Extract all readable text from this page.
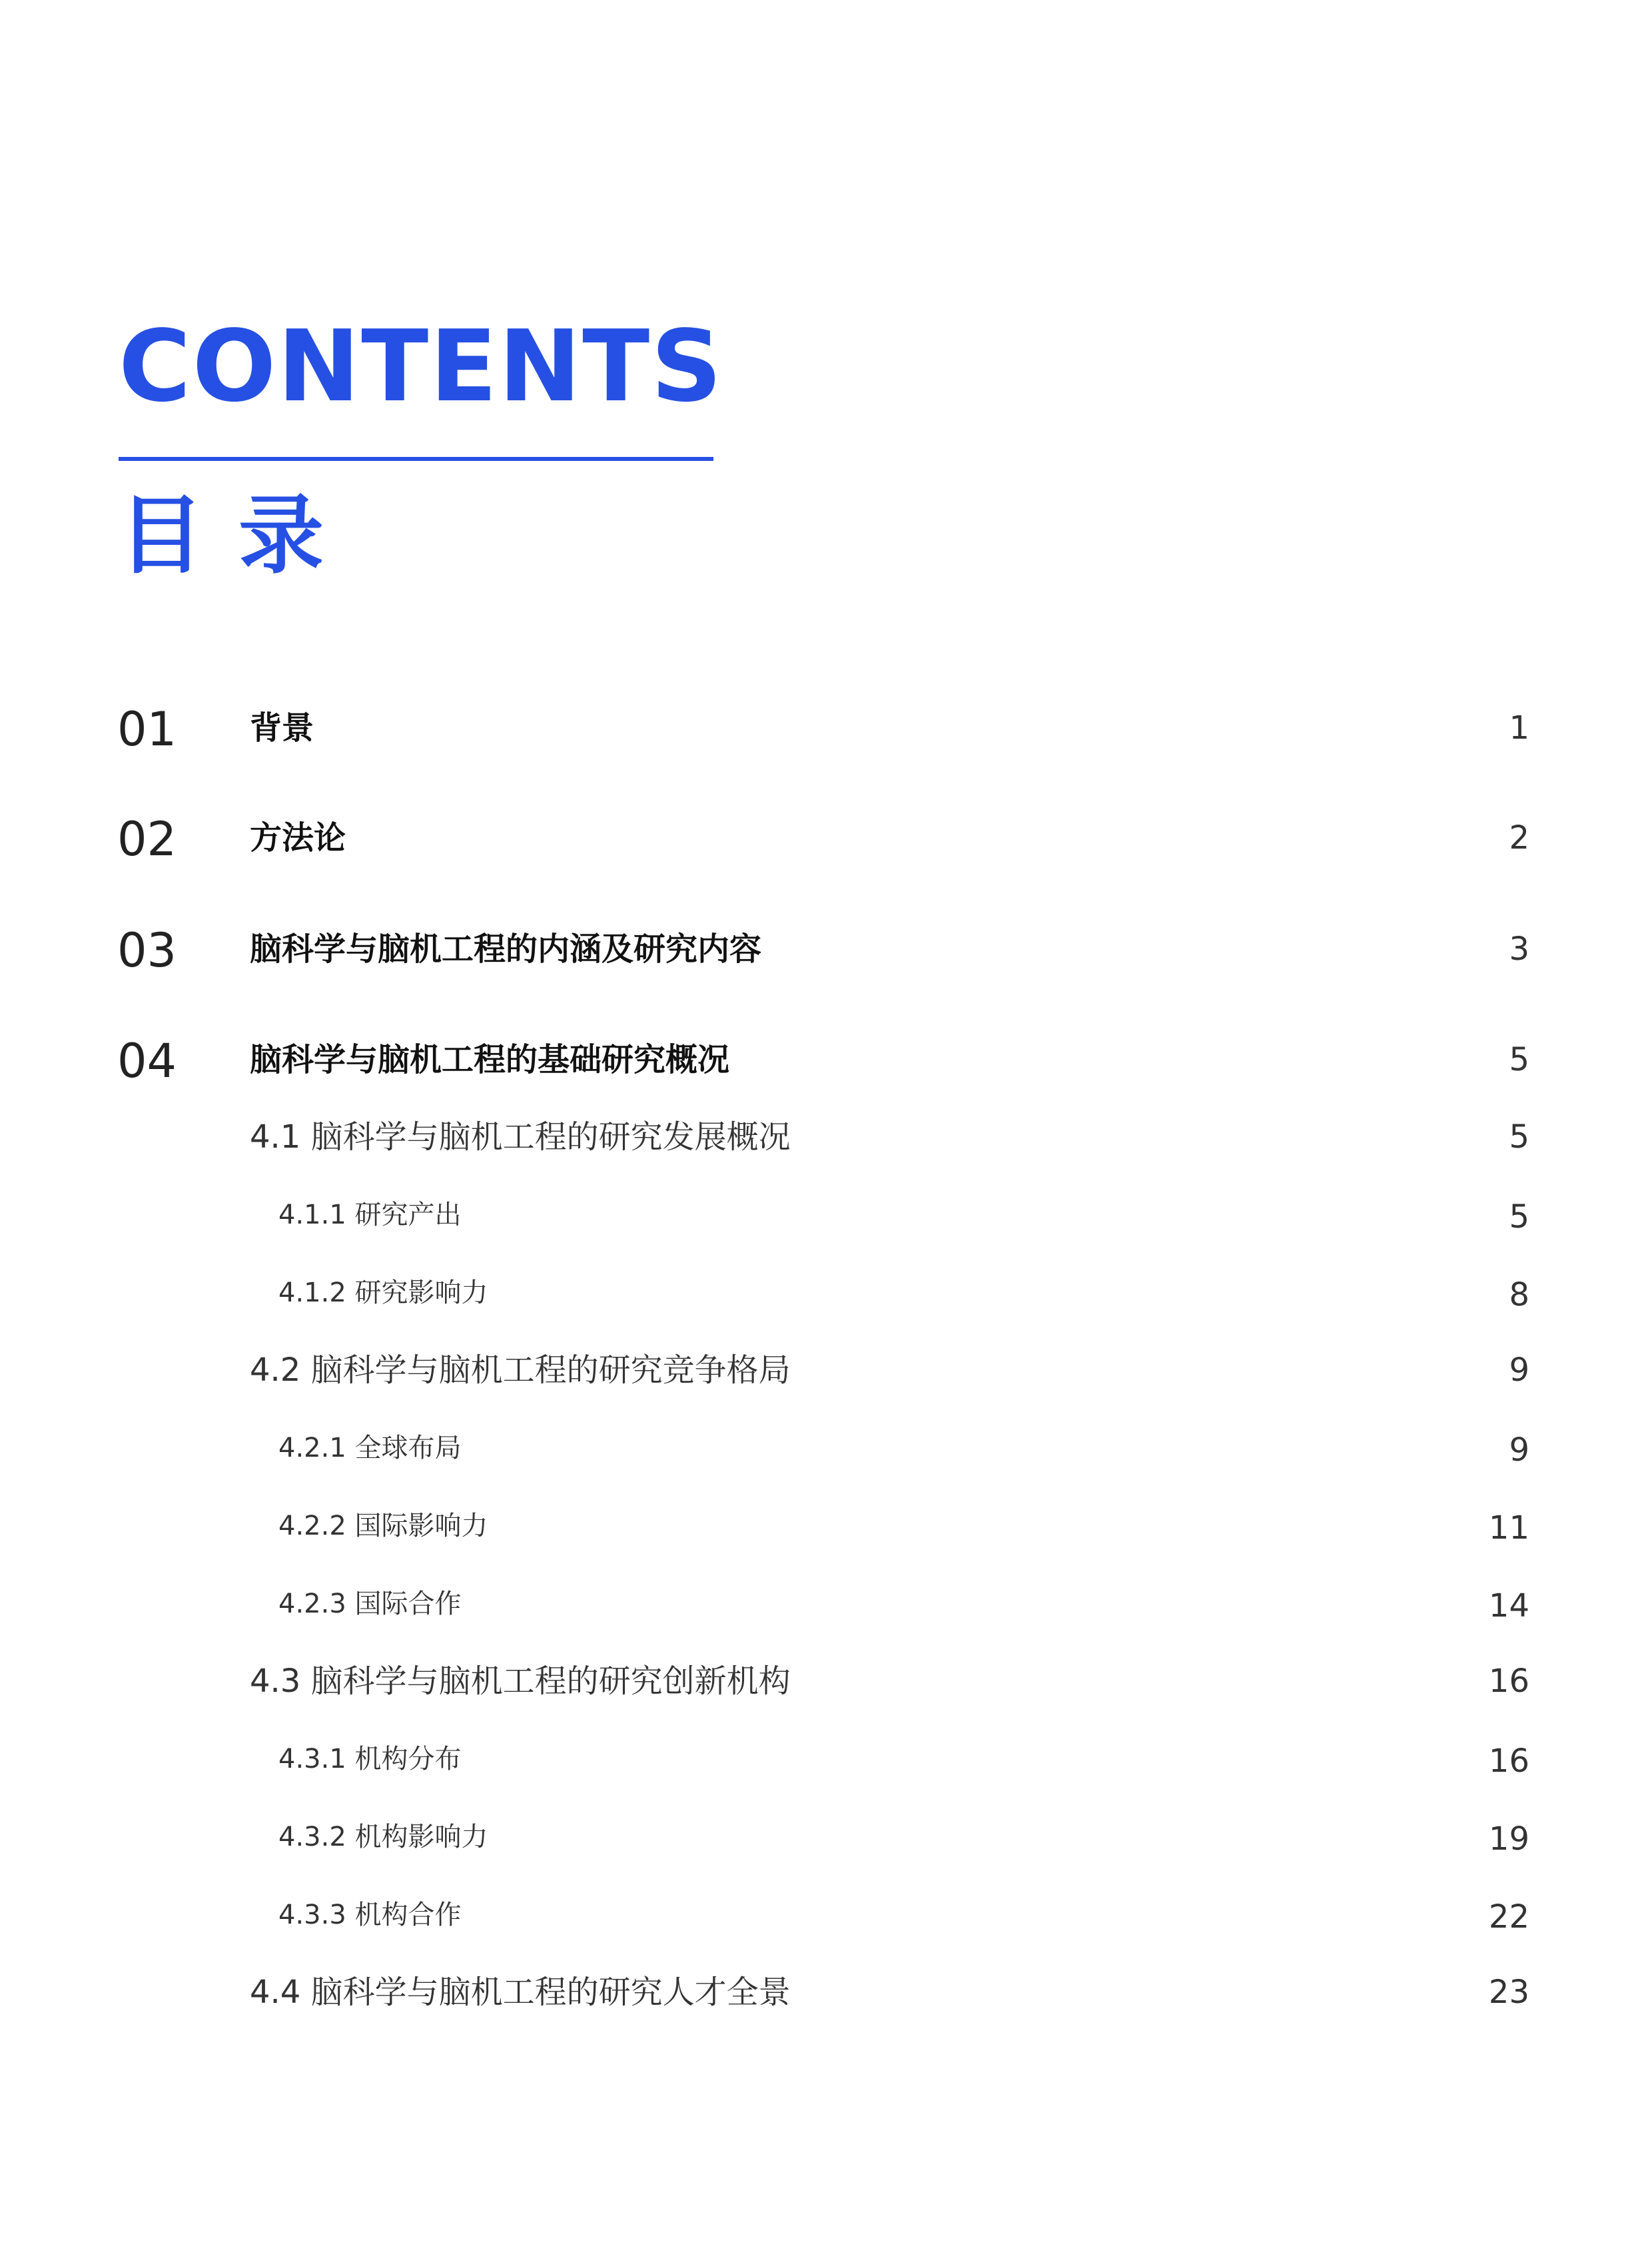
CONTENTS
目录
01 背景	1
02 方法论	2
03 脑科学与脑机工程的内涵及研究内容	3
04 脑科学与脑机工程的基础研究概况	5
4.1 脑科学与脑机工程的研究发展概况	5
4.1.1 研究产出	5
4.1.2 研究影响力	8
4.2 脑科学与脑机工程的研究竞争格局	9
4.2.1 全球布局	9
4.2.2 国际影响力	11
4.2.3 国际合作	14
4.3 脑科学与脑机工程的研究创新机构	16
4.3.1 机构分布	16
4.3.2 机构影响力	19
4.3.3 机构合作	22
4.4 脑科学与脑机工程的研究人才全景	23
